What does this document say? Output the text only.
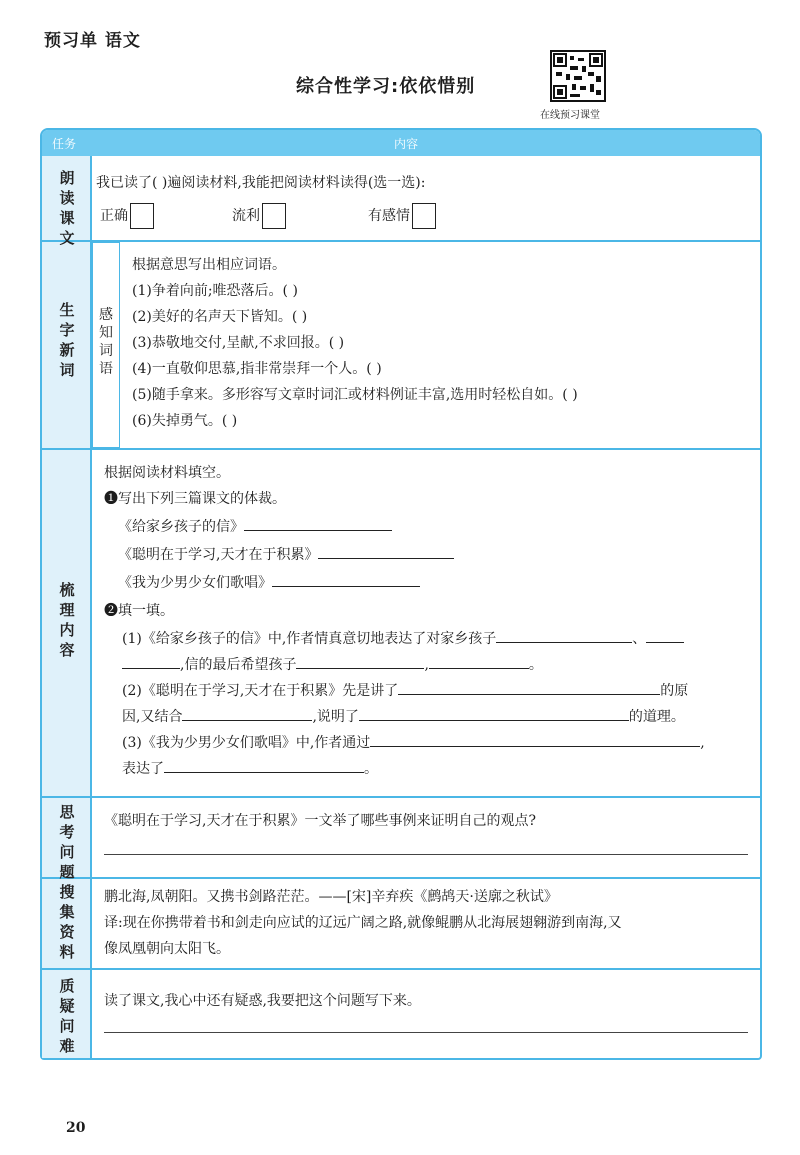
预习单 语文
综合性学习:依依惜别
在线预习课堂
任务	内容
朗读课文
我已读了( )遍阅读材料,我能把阅读材料读得(选一选):
正确	流利	有感情
生字新词
感知词语
根据意思写出相应词语。
(1)争着向前;唯恐落后。( )
(2)美好的名声天下皆知。( )
(3)恭敬地交付,呈献,不求回报。( )
(4)一直敬仰思慕,指非常崇拜一个人。( )
(5)随手拿来。多形容写文章时词汇或材料例证丰富,选用时轻松自如。( )
(6)失掉勇气。( )
梳理内容
根据阅读材料填空。
❶写出下列三篇课文的体裁。
《给家乡孩子的信》
《聪明在于学习,天才在于积累》
《我为少男少女们歌唱》
❷填一填。
(1)《给家乡孩子的信》中,作者情真意切地表达了对家乡孩子	、
,信的最后希望孩子	,	。
(2)《聪明在于学习,天才在于积累》先是讲了	的原
因,又结合	,说明了	的道理。
(3)《我为少男少女们歌唱》中,作者通过	,
表达了	。
思考问题
《聪明在于学习,天才在于积累》一文举了哪些事例来证明自己的观点?
搜集资料
鹏北海,凤朝阳。又携书剑路茫茫。——[宋]辛弃疾《鹧鸪天·送廓之秋试》
译:现在你携带着书和剑走向应试的辽远广阔之路,就像鲲鹏从北海展翅翱游到南海,又
像凤凰朝向太阳飞。
质疑问难
读了课文,我心中还有疑惑,我要把这个问题写下来。
20
